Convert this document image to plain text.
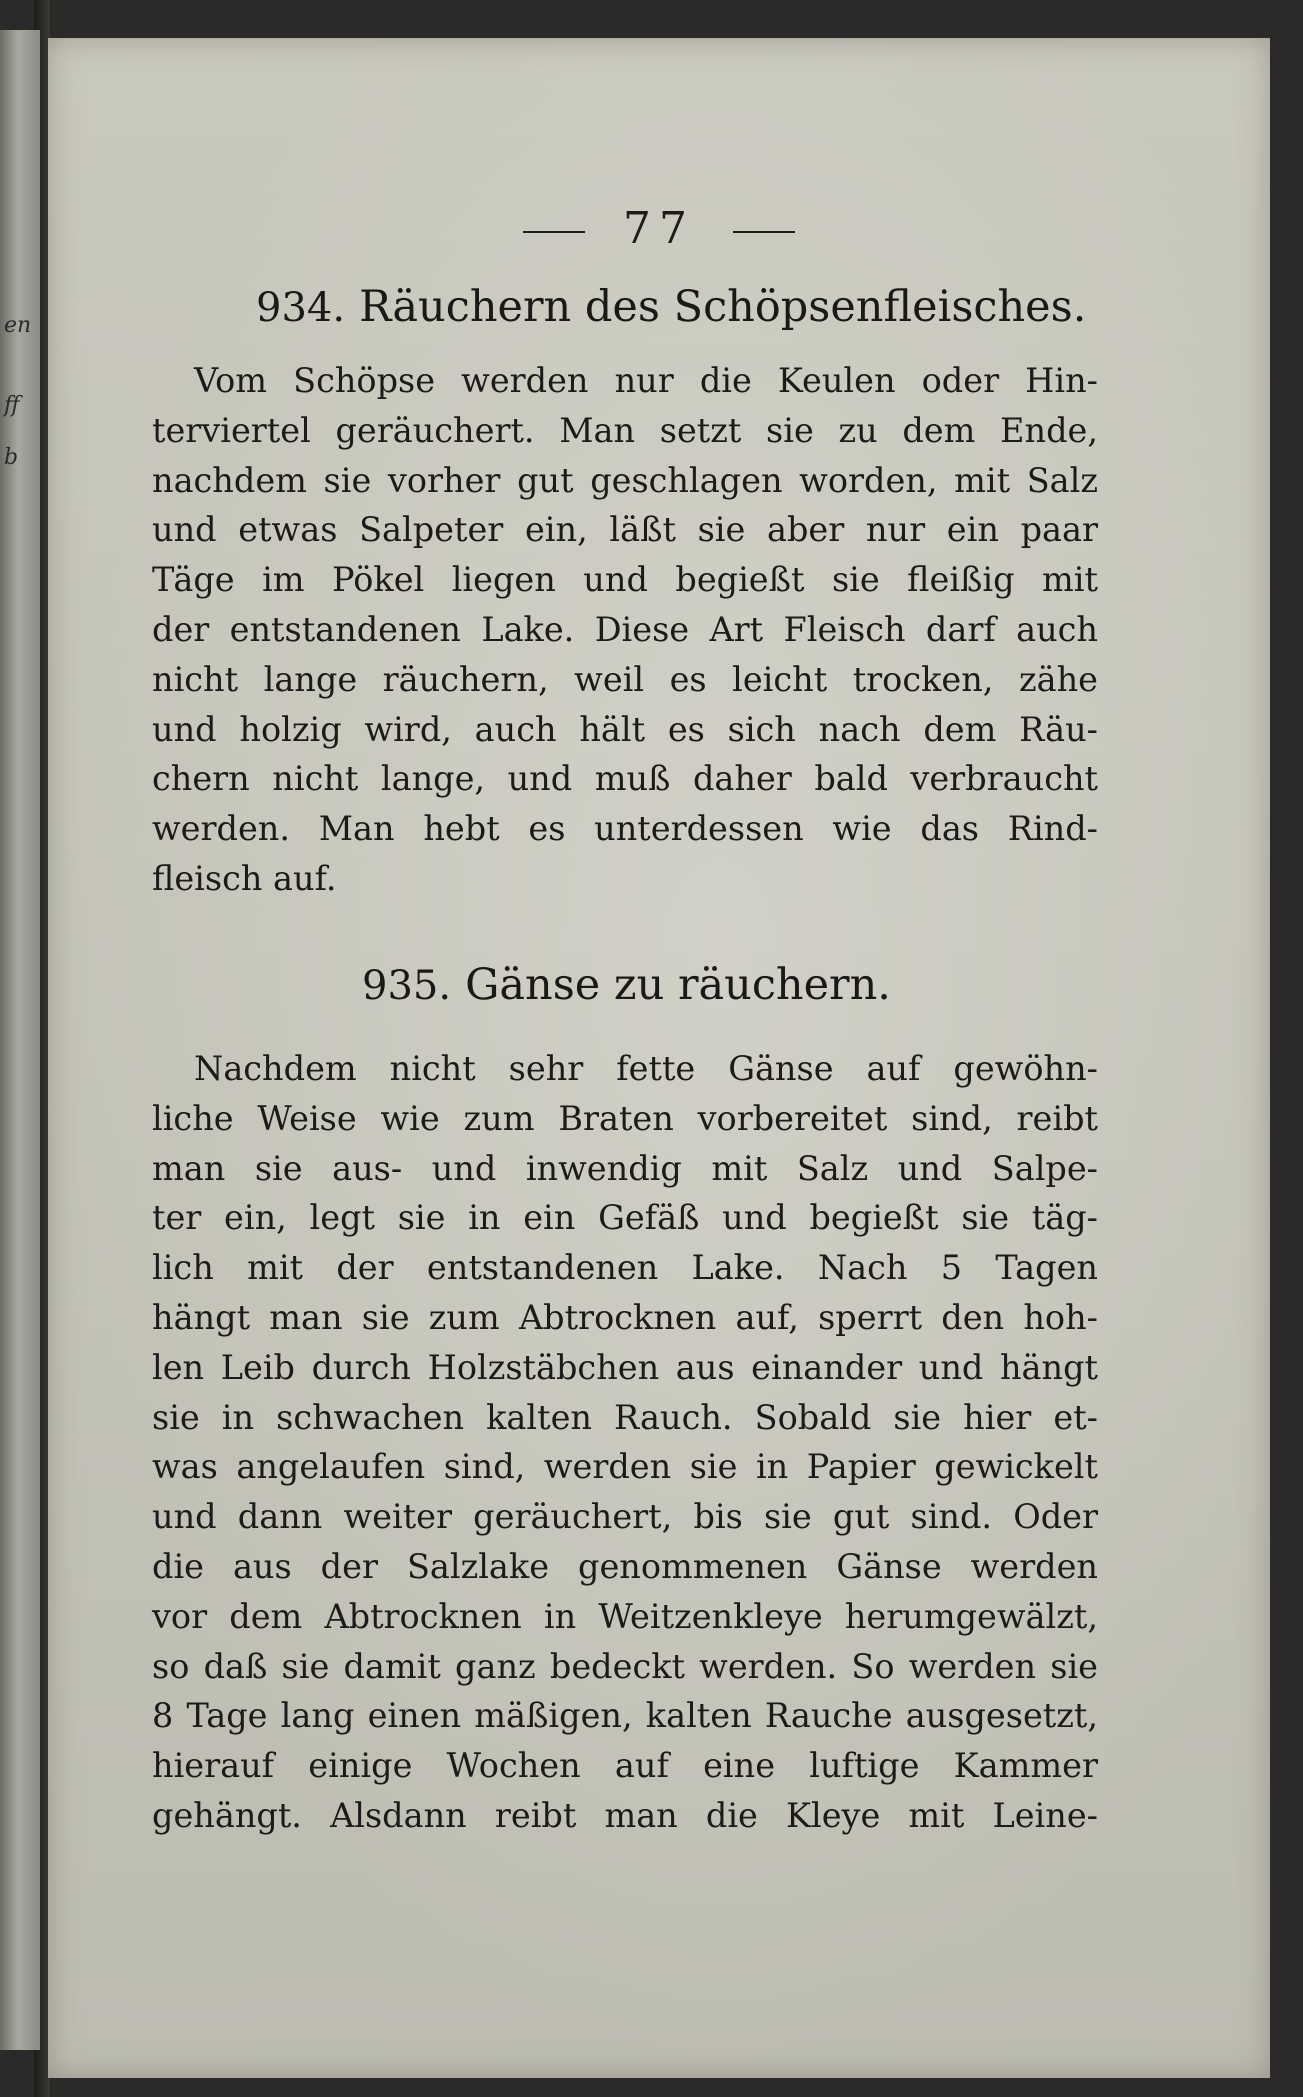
en
ff
b
77
934. Räuchern des Schöpsenfleisches.
Vom Schöpse werden nur die Keulen oder Hin-
terviertel geräuchert. Man setzt sie zu dem Ende,
nachdem sie vorher gut geschlagen worden, mit Salz
und etwas Salpeter ein, läßt sie aber nur ein paar
Täge im Pökel liegen und begießt sie fleißig mit
der entstandenen Lake. Diese Art Fleisch darf auch
nicht lange räuchern, weil es leicht trocken, zähe
und holzig wird, auch hält es sich nach dem Räu-
chern nicht lange, und muß daher bald verbraucht
werden. Man hebt es unterdessen wie das Rind-
fleisch auf.
935. Gänse zu räuchern.
Nachdem nicht sehr fette Gänse auf gewöhn-
liche Weise wie zum Braten vorbereitet sind, reibt
man sie aus- und inwendig mit Salz und Salpe-
ter ein, legt sie in ein Gefäß und begießt sie täg-
lich mit der entstandenen Lake. Nach 5 Tagen
hängt man sie zum Abtrocknen auf, sperrt den hoh-
len Leib durch Holzstäbchen aus einander und hängt
sie in schwachen kalten Rauch. Sobald sie hier et-
was angelaufen sind, werden sie in Papier gewickelt
und dann weiter geräuchert, bis sie gut sind. Oder
die aus der Salzlake genommenen Gänse werden
vor dem Abtrocknen in Weitzenkleye herumgewälzt,
so daß sie damit ganz bedeckt werden. So werden sie
8 Tage lang einen mäßigen, kalten Rauche ausgesetzt,
hierauf einige Wochen auf eine luftige Kammer
gehängt. Alsdann reibt man die Kleye mit Leine-
